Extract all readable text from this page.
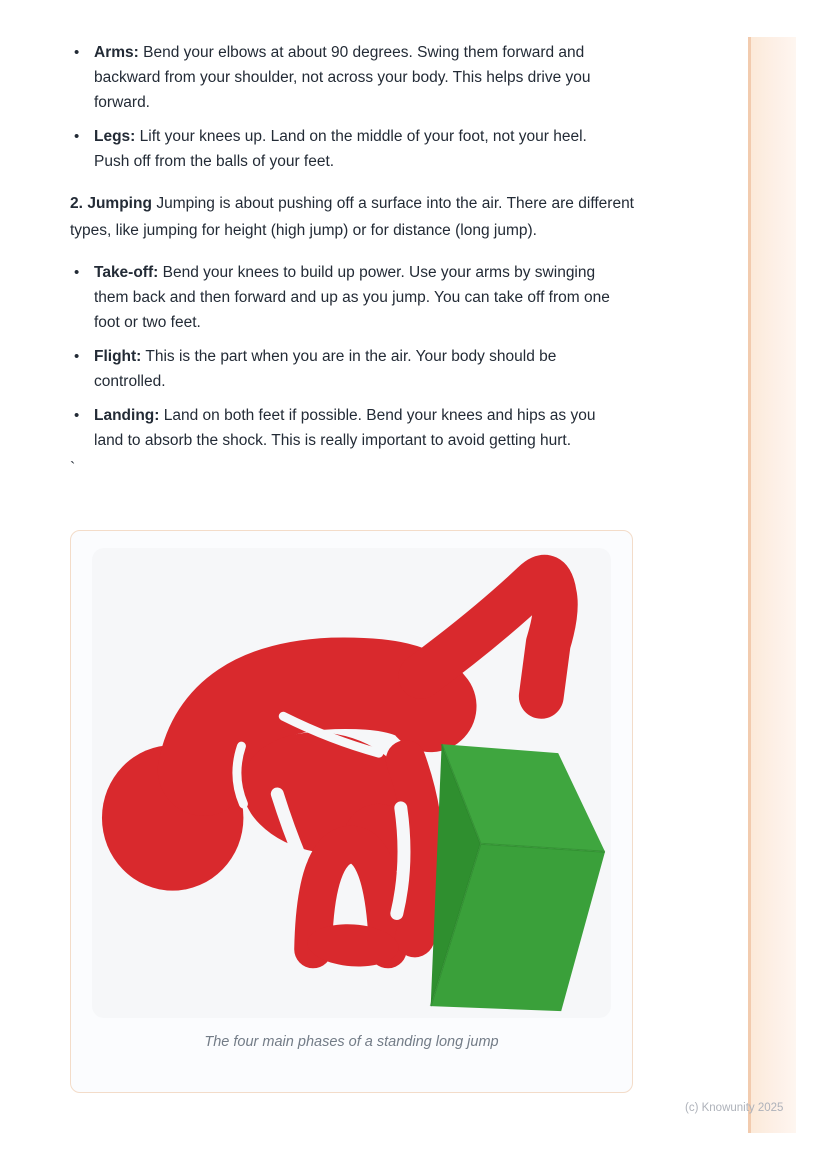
• Arms: Bend your elbows at about 90 degrees. Swing them forward and backward from your shoulder, not across your body. This helps drive you forward.
• Legs: Lift your knees up. Land on the middle of your foot, not your heel. Push off from the balls of your feet.

2. Jumping Jumping is about pushing off a surface into the air. There are different types, like jumping for height (high jump) or for distance (long jump).

• Take-off: Bend your knees to build up power. Use your arms by swinging them back and then forward and up as you jump. You can take off from one foot or two feet.
• Flight: This is the part when you are in the air. Your body should be controlled.
• Landing: Land on both feet if possible. Bend your knees and hips as you land to absorb the shock. This is really important to avoid getting hurt.
`
The four main phases of a standing long jump
(c) Knowunity 2025
